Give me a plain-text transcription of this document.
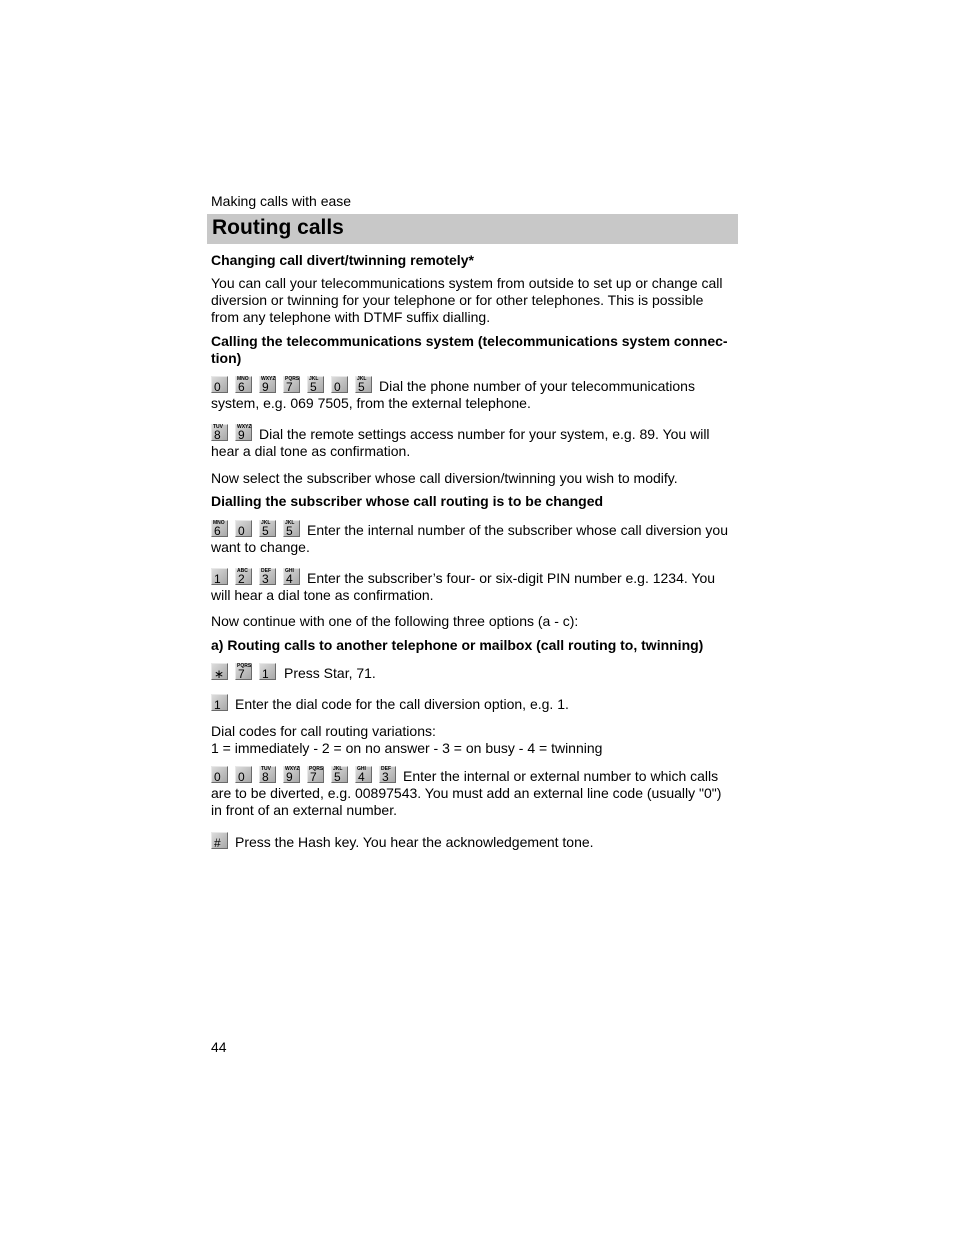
Making calls with ease
Routing calls
Changing call divert/twinning remotely*
You can call your telecommunications system from outside to set up or change call diversion or twinning for your telephone or for other telephones. This is possible from any telephone with DTMF suffix dialling.
Calling the telecommunications system (telecommunications system connec-tion)
0
MNO
6
WXYZ
9
PQRS
7
JKL
5 0
JKL
5 Dial the phone number of your telecommunications system, e.g. 069 7505, from the external telephone.
TUV
8
WXYZ
9 Dial the remote settings access number for your system, e.g. 89. You will hear a dial tone as confirmation.
Now select the subscriber whose call diversion/twinning you wish to modify.
Dialling the subscriber whose call routing is to be changed
MNO
6 0
JKL
5
JKL
5 Enter the internal number of the subscriber whose call diversion you want to change.
1
ABC
2
DEF
3
GHI
4 Enter the subscriber’s four- or six-digit PIN number e.g. 1234. You will hear a dial tone as confirmation.
Now continue with one of the following three options (a - c):
a) Routing calls to another telephone or mailbox (call routing to, twinning)
∗
PQRS
7 1 Press Star, 71.
1 Enter the dial code for the call diversion option, e.g. 1.
Dial codes for call routing variations:
1 = immediately - 2 = on no answer - 3 = on busy - 4 = twinning
0 0
TUV
8
WXYZ
9
PQRS
7
JKL
5
GHI
4
DEF
3 Enter the internal or external number to which calls are to be diverted, e.g. 00897543. You must add an external line code (usually "0") in front of an external number.
# Press the Hash key. You hear the acknowledgement tone.
44
